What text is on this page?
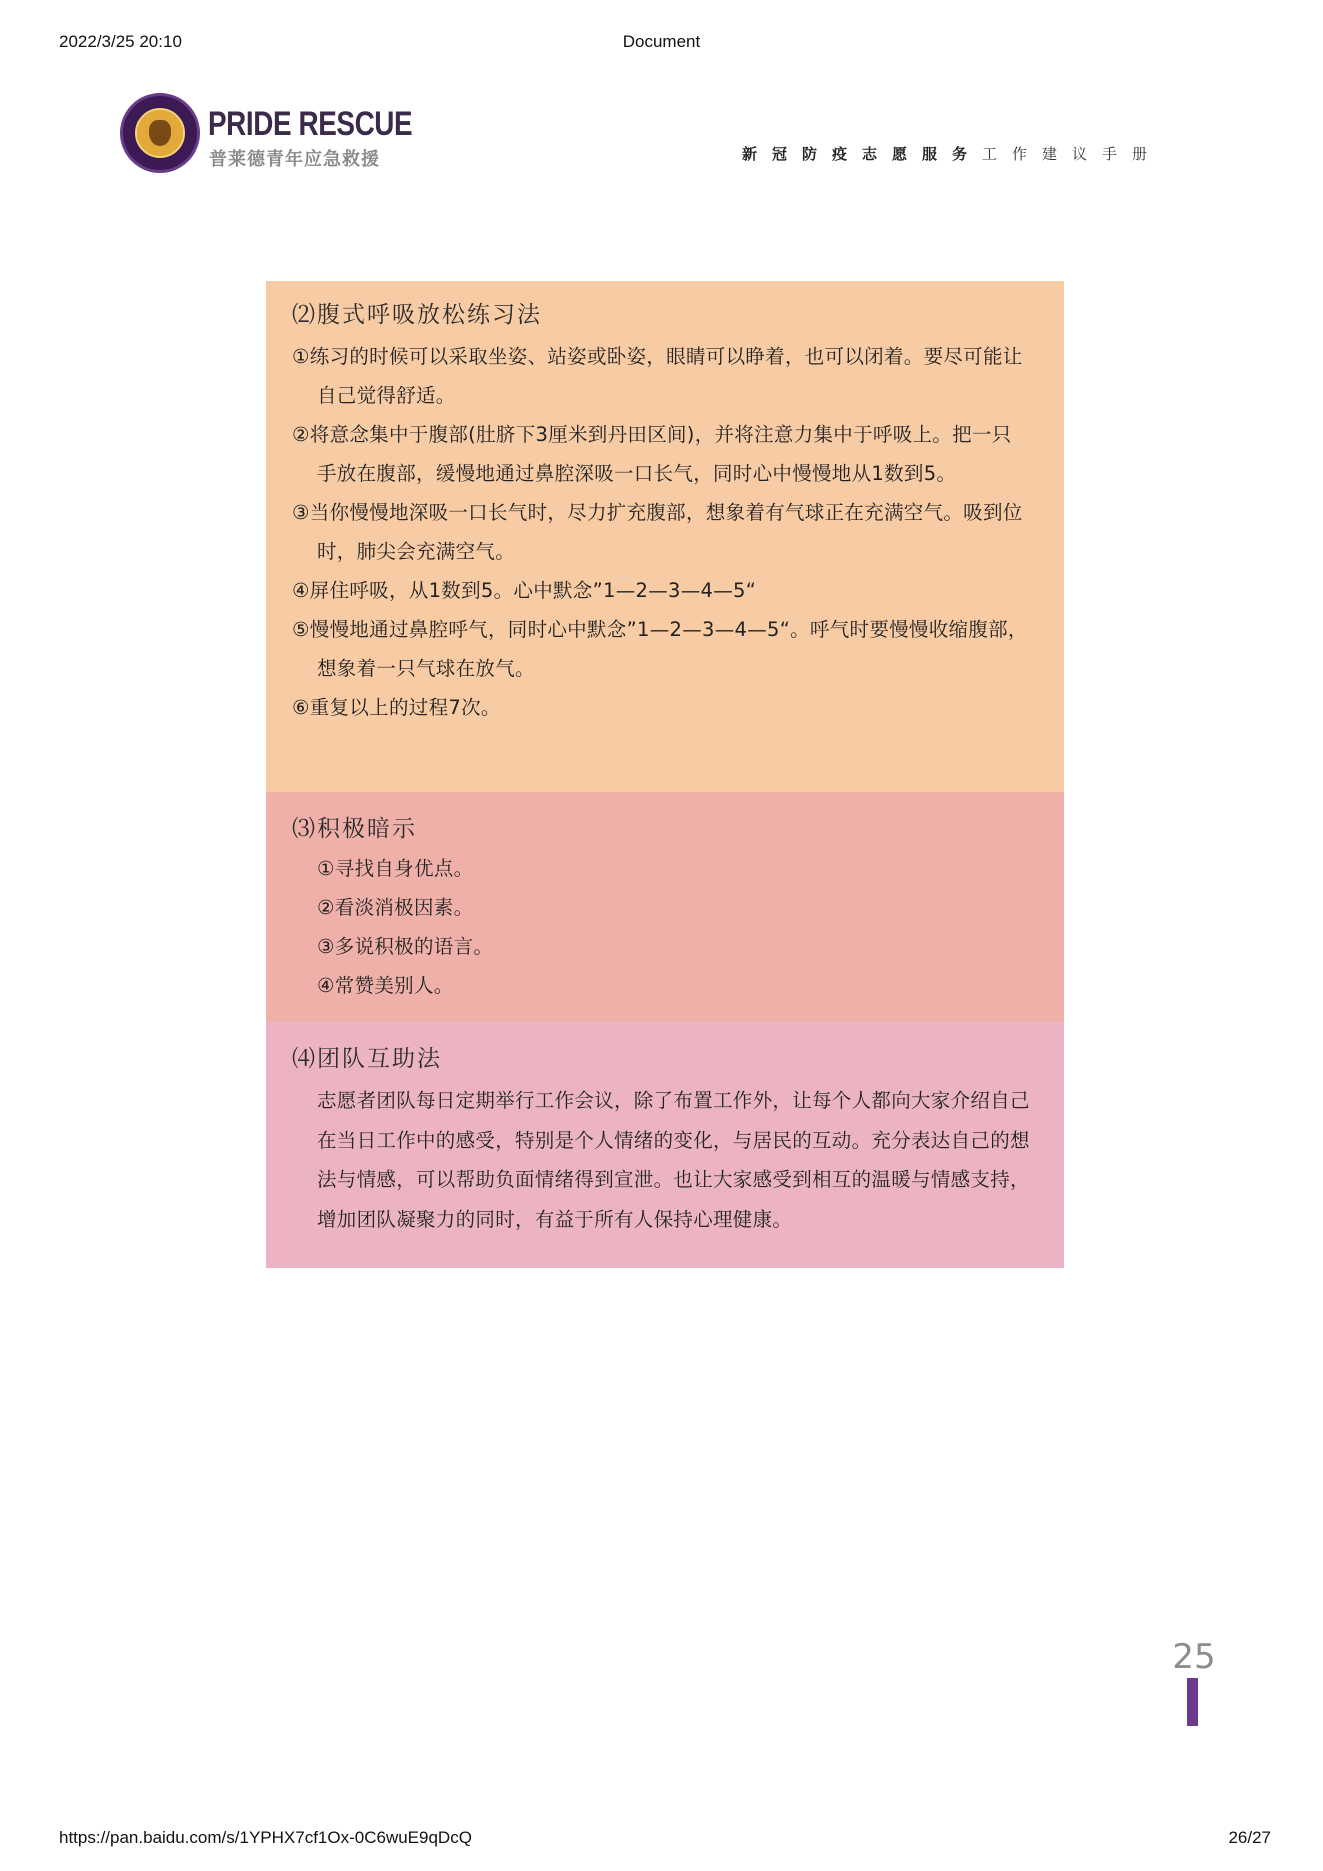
2022/3/25 20:10	Document
PRIDE RESCUE
普莱德青年应急救援	新冠防疫志愿服务工作建议手册
⑵腹式呼吸放松练习法

①练习的时候可以采取坐姿、站姿或卧姿，眼睛可以睁着，也可以闭着。要尽可能让自己觉得舒适。

②将意念集中于腹部(肚脐下3厘米到丹田区间)，并将注意力集中于呼吸上。把一只手放在腹部，缓慢地通过鼻腔深吸一口长气，同时心中慢慢地从1数到5。

③当你慢慢地深吸一口长气时，尽力扩充腹部，想象着有气球正在充满空气。吸到位时，肺尖会充满空气。

④屏住呼吸，从1数到5。心中默念”1—2—3—4—5“

⑤慢慢地通过鼻腔呼气，同时心中默念”1—2—3—4—5“。呼气时要慢慢收缩腹部，想象着一只气球在放气。

⑥重复以上的过程7次。

⑶积极暗示

①寻找自身优点。

②看淡消极因素。

③多说积极的语言。

④常赞美别人。

⑷团队互助法

志愿者团队每日定期举行工作会议，除了布置工作外，让每个人都向大家介绍自己在当日工作中的感受，特别是个人情绪的变化，与居民的互动。充分表达自己的想法与情感，可以帮助负面情绪得到宣泄。也让大家感受到相互的温暖与情感支持，增加团队凝聚力的同时，有益于所有人保持心理健康。

25
https://pan.baidu.com/s/1YPHX7cf1Ox-0C6wuE9qDcQ	26/27
